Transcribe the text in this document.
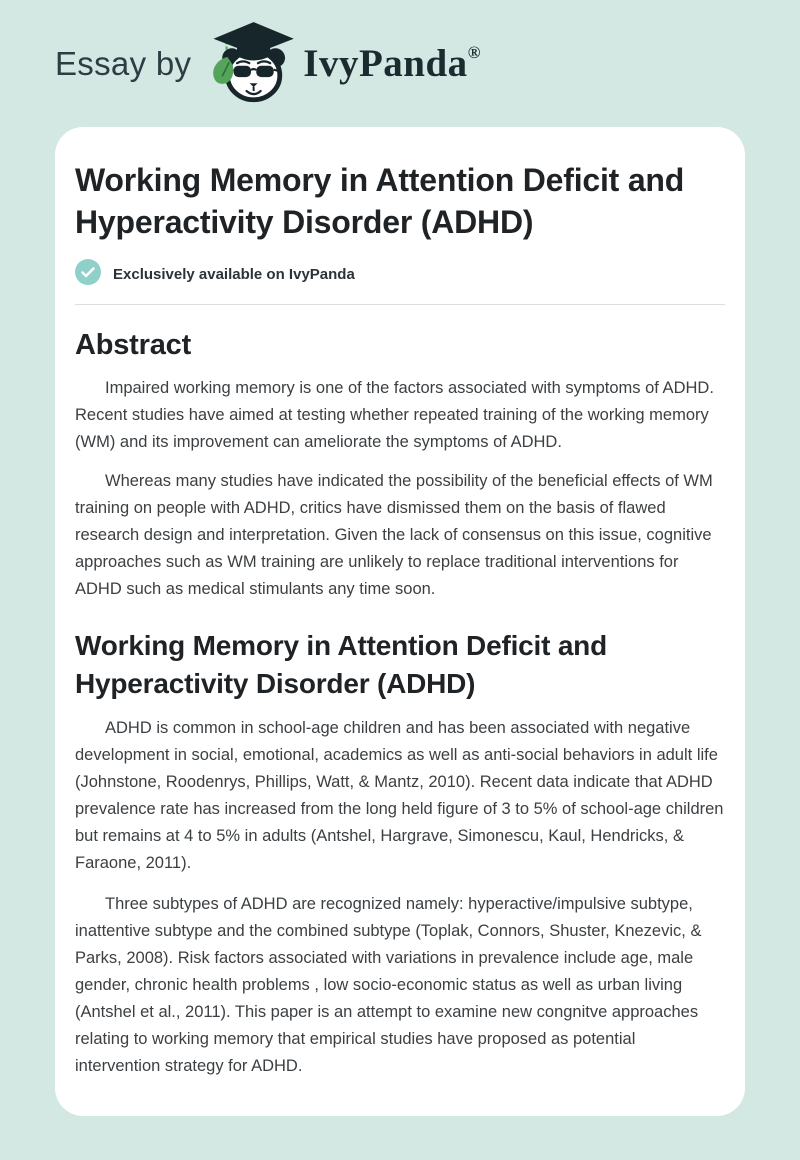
Essay by	IvyPanda®
Working Memory in Attention Deficit and Hyperactivity Disorder (ADHD)
Exclusively available on IvyPanda
Abstract

Impaired working memory is one of the factors associated with symptoms of ADHD. Recent studies have aimed at testing whether repeated training of the working memory (WM) and its improvement can ameliorate the symptoms of ADHD.

Whereas many studies have indicated the possibility of the beneficial effects of WM training on people with ADHD, critics have dismissed them on the basis of flawed research design and interpretation. Given the lack of consensus on this issue, cognitive approaches such as WM training are unlikely to replace traditional interventions for ADHD such as medical stimulants any time soon.

Working Memory in Attention Deficit and Hyperactivity Disorder (ADHD)

ADHD is common in school-age children and has been associated with negative development in social, emotional, academics as well as anti-social behaviors in adult life (Johnstone, Roodenrys, Phillips, Watt, & Mantz, 2010). Recent data indicate that ADHD prevalence rate has increased from the long held figure of 3 to 5% of school-age children but remains at 4 to 5% in adults (Antshel, Hargrave, Simonescu, Kaul, Hendricks, & Faraone, 2011).

Three subtypes of ADHD are recognized namely: hyperactive/impulsive subtype, inattentive subtype and the combined subtype (Toplak, Connors, Shuster, Knezevic, & Parks, 2008). Risk factors associated with variations in prevalence include age, male gender, chronic health problems , low socio-economic status as well as urban living (Antshel et al., 2011). This paper is an attempt to examine new congnitve approaches relating to working memory that empirical studies have proposed as potential intervention strategy for ADHD.
